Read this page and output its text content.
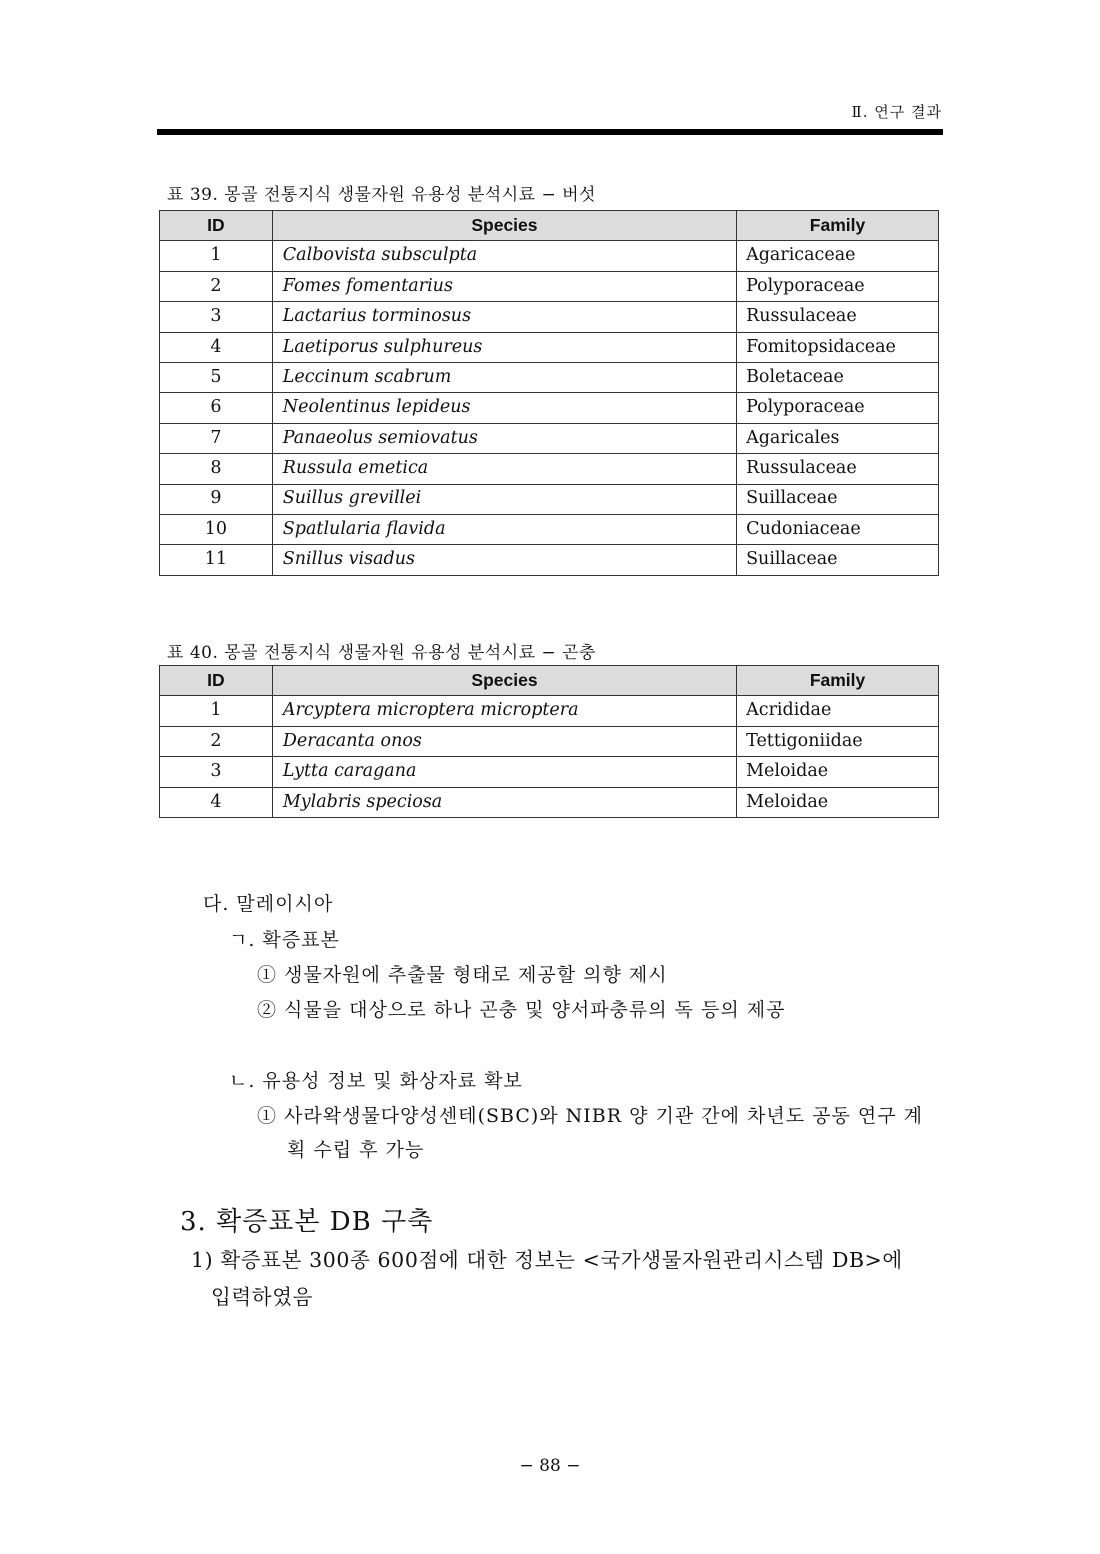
Ⅱ. 연구 결과
표 39. 몽골 전통지식 생물자원 유용성 분석시료 − 버섯
ID	Species	Family
1	Calbovista subsculpta	Agaricaceae
2	Fomes fomentarius	Polyporaceae
3	Lactarius torminosus	Russulaceae
4	Laetiporus sulphureus	Fomitopsidaceae
5	Leccinum scabrum	Boletaceae
6	Neolentinus lepideus	Polyporaceae
7	Panaeolus semiovatus	Agaricales
8	Russula emetica	Russulaceae
9	Suillus grevillei	Suillaceae
10	Spatlularia flavida	Cudoniaceae
11	Snillus visadus	Suillaceae
표 40. 몽골 전통지식 생물자원 유용성 분석시료 − 곤충
ID	Species	Family
1	Arcyptera microptera microptera	Acrididae
2	Deracanta onos	Tettigoniidae
3	Lytta caragana	Meloidae
4	Mylabris speciosa	Meloidae
다. 말레이시아
ㄱ. 확증표본
① 생물자원에 추출물 형태로 제공할 의향 제시
② 식물을 대상으로 하나 곤충 및 양서파충류의 독 등의 제공
ㄴ. 유용성 정보 및 화상자료 확보
① 사라왁생물다양성센테(SBC)와 NIBR 양 기관 간에 차년도 공동 연구 계
획 수립 후 가능
3. 확증표본 DB 구축
1) 확증표본 300종 600점에 대한 정보는 <국가생물자원관리시스템 DB>에
입력하였음
− 88 −
